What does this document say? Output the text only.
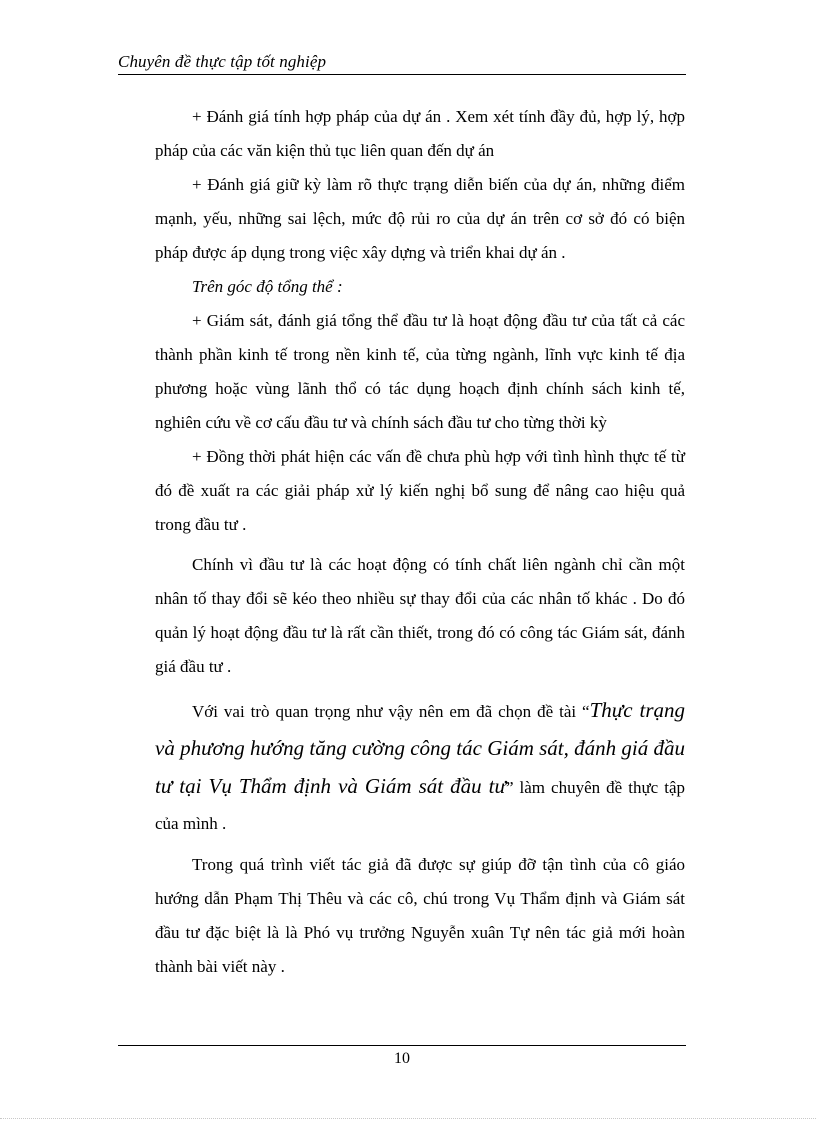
Chuyên đề thực tập tốt nghiệp

+ Đánh giá tính hợp pháp của dự án . Xem xét tính đầy đủ, hợp lý, hợp pháp của các văn kiện thủ tục liên quan đến dự án

+ Đánh giá giữ kỳ làm rõ thực trạng diễn biến của dự án, những điểm mạnh, yếu, những sai lệch, mức độ rủi ro của dự án trên cơ sở đó có biện pháp được áp dụng trong việc xây dựng và triển khai dự án .

Trên góc độ tổng thể :

+ Giám sát, đánh giá tổng thể đầu tư là hoạt động đầu tư của tất cả các thành phần kinh tế trong nền kinh tế, của từng ngành, lĩnh vực kinh tế địa phương hoặc vùng lãnh thổ có tác dụng hoạch định chính sách kinh tế, nghiên cứu về cơ cấu đầu tư và chính sách đầu tư cho từng thời kỳ

+ Đồng thời phát hiện các vấn đề chưa phù hợp với tình hình thực tế từ đó đề xuất ra các giải pháp xử lý kiến nghị bổ sung để nâng cao hiệu quả trong đầu tư .

Chính vì đầu tư là các hoạt động có tính chất liên ngành chỉ cần một nhân tố thay đổi sẽ kéo theo nhiều sự thay đổi của các nhân tố khác . Do đó quản lý hoạt động đầu tư là rất cần thiết, trong đó có công tác Giám sát, đánh giá đầu tư .

Với vai trò quan trọng như vậy nên em đã chọn đề tài “Thực trạng và phương hướng tăng cường công tác Giám sát, đánh giá đầu tư tại Vụ Thẩm định và Giám sát đầu tư” làm chuyên đề thực tập của mình .

Trong quá trình viết tác giả đã được sự giúp đỡ tận tình của cô giáo hướng dẫn Phạm Thị Thêu và các cô, chú trong Vụ Thẩm định và Giám sát đầu tư đặc biệt là là Phó vụ trưởng Nguyễn xuân Tự nên tác giả mới hoàn thành bài viết này .

10
